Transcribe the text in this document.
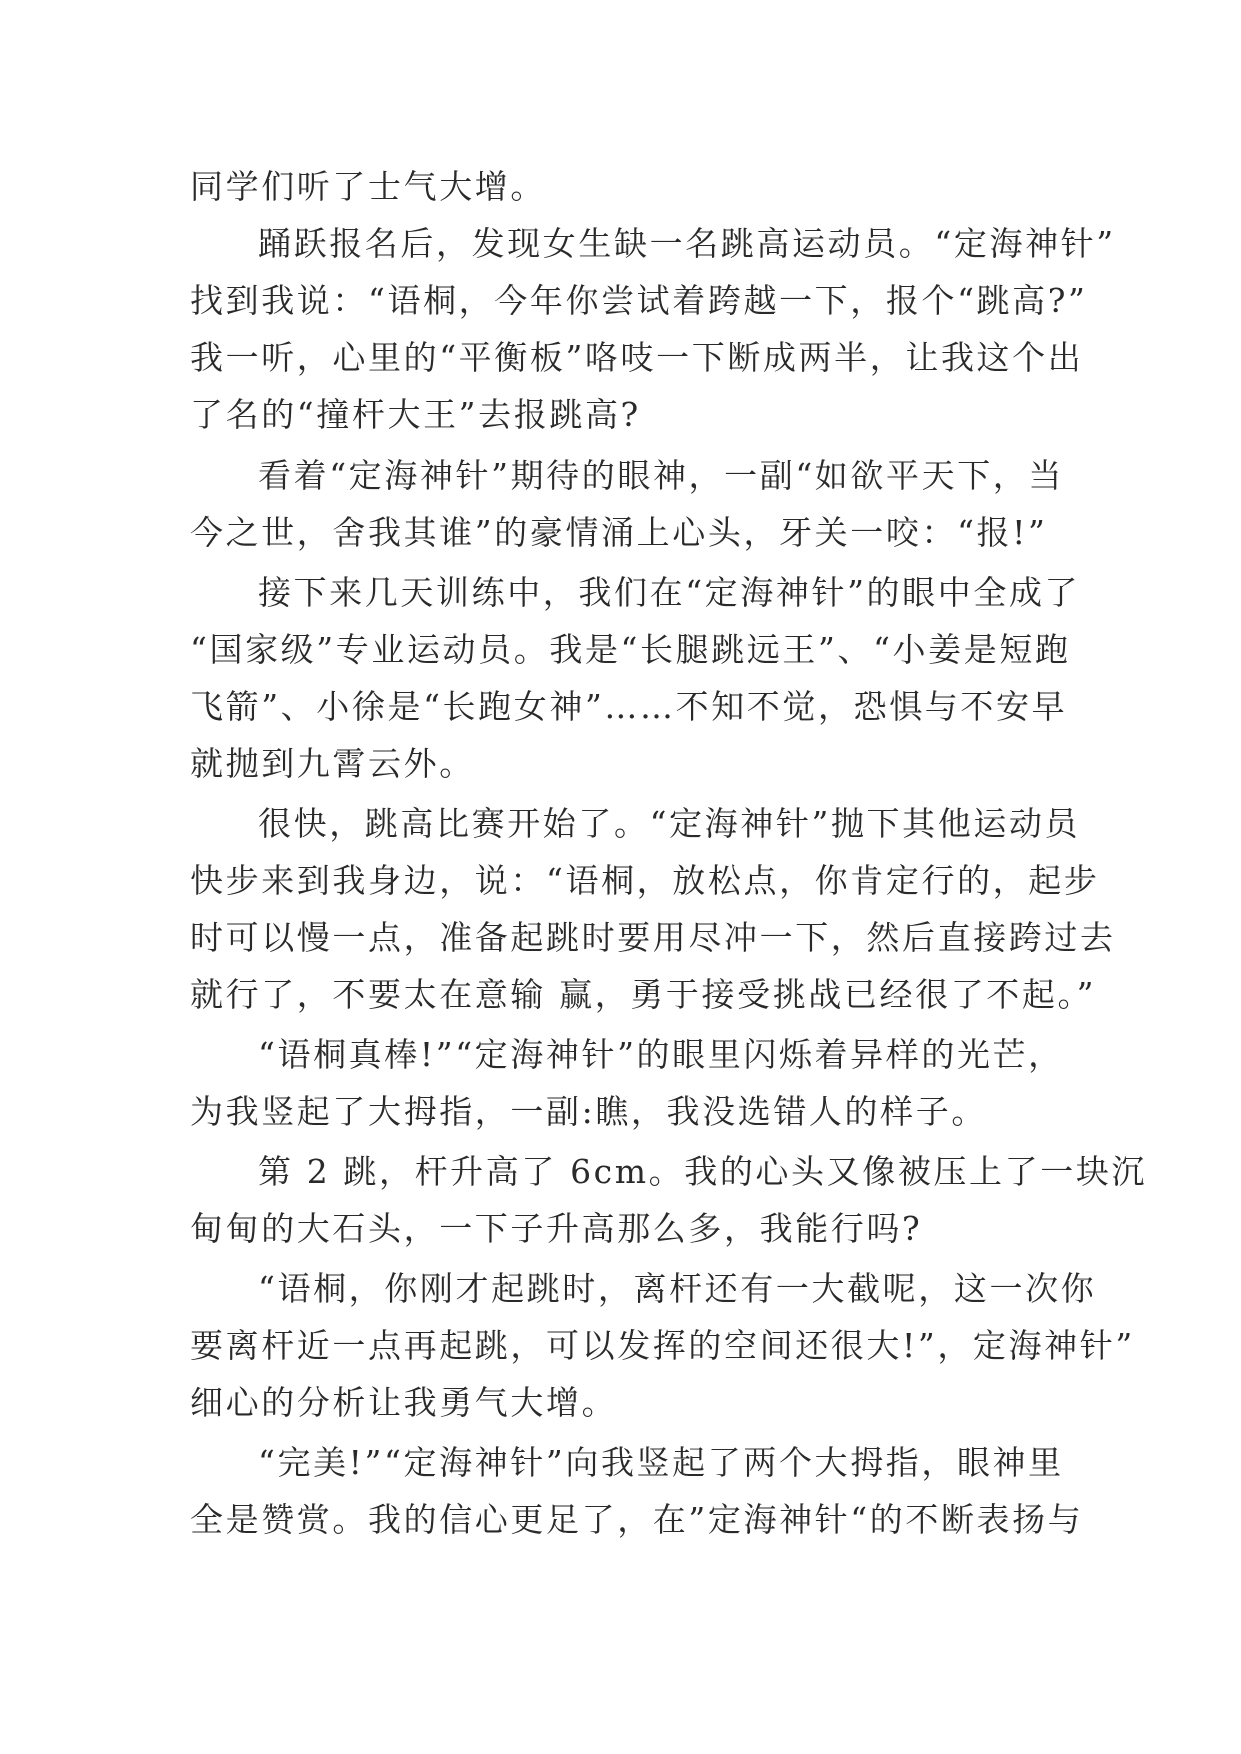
同学们听了士气大增。
踊跃报名后，发现女生缺一名跳高运动员。“定海神针”
找到我说：“语桐，今年你尝试着跨越一下，报个“跳高?”
我一听，心里的“平衡板”咯吱一下断成两半，让我这个出
了名的“撞杆大王”去报跳高?
看着“定海神针”期待的眼神，一副“如欲平天下，当
今之世，舍我其谁”的豪情涌上心头，牙关一咬：“报!”
接下来几天训练中，我们在“定海神针”的眼中全成了
“国家级”专业运动员。我是“长腿跳远王”、“小姜是短跑
飞箭”、小徐是“长跑女神”……不知不觉，恐惧与不安早
就抛到九霄云外。
很快，跳高比赛开始了。“定海神针”抛下其他运动员
快步来到我身边，说：“语桐，放松点，你肯定行的，起步
时可以慢一点，准备起跳时要用尽冲一下，然后直接跨过去
就行了，不要太在意输 赢，勇于接受挑战已经很了不起。”
“语桐真棒!”“定海神针”的眼里闪烁着异样的光芒，
为我竖起了大拇指，一副:瞧，我没选错人的样子。
第 2 跳，杆升高了 6cm。我的心头又像被压上了一块沉
甸甸的大石头，一下子升高那么多，我能行吗?
“语桐，你刚才起跳时，离杆还有一大截呢，这一次你
要离杆近一点再起跳，可以发挥的空间还很大!”，定海神针”
细心的分析让我勇气大增。
“完美!”“定海神针”向我竖起了两个大拇指，眼神里
全是赞赏。我的信心更足了，在”定海神针“的不断表扬与
